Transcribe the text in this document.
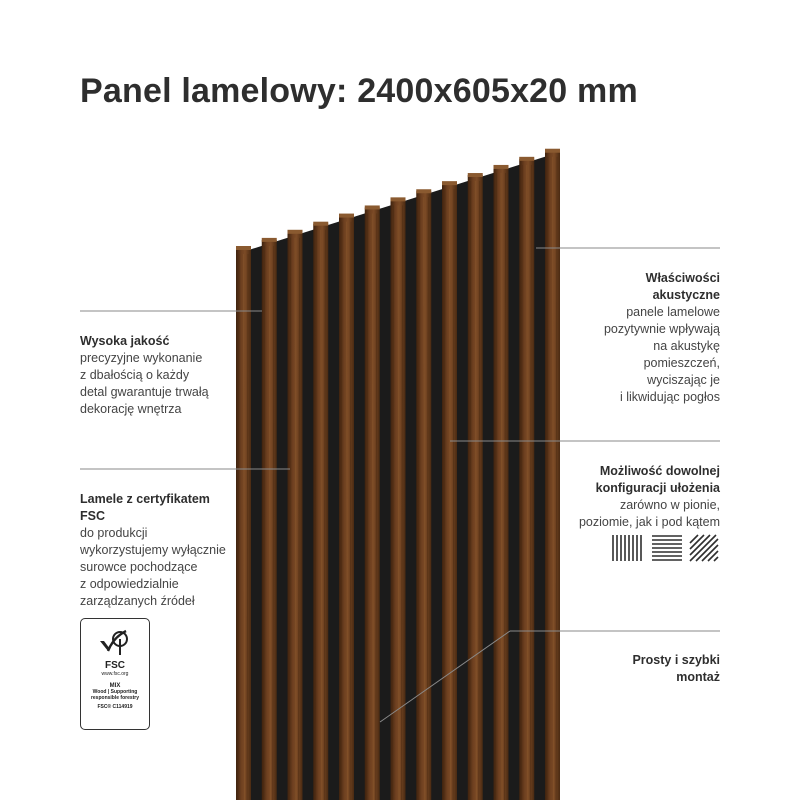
Panel lamelowy: 2400x605x20 mm
Wysoka jakość
precyzyjne wykonanie
z dbałością o każdy
detal gwarantuje trwałą
dekorację wnętrza
Lamele z certyfikatem
FSC
do produkcji
wykorzystujemy wyłącznie
surowce pochodzące
z odpowiedzialnie
zarządzanych źródeł
Właściwości
akustyczne
panele lamelowe
pozytywnie wpływają
na akustykę
pomieszczeń,
wyciszając je
i likwidując pogłos
Możliwość dowolnej
konfiguracji ułożenia
zarówno w pionie,
poziomie, jak i pod kątem
Prosty i szybki
montaż
FSC
www.fsc.org
MIX
Wood | Supporting
responsible forestry
FSC® C114919
